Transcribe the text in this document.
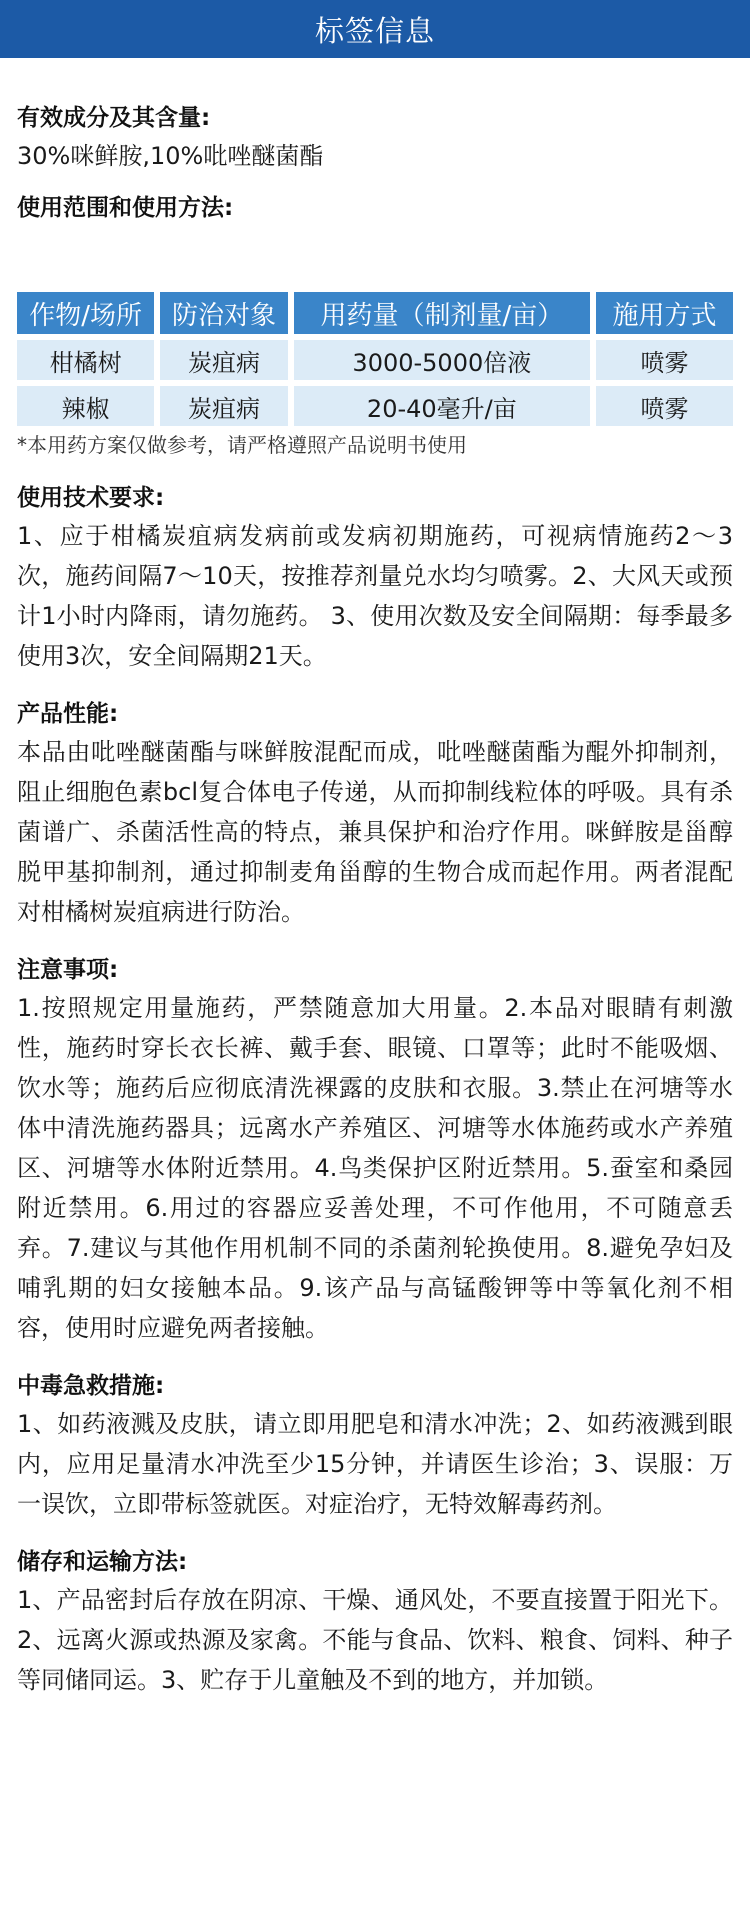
标签信息
有效成分及其含量:
30%咪鲜胺,10%吡唑醚菌酯
使用范围和使用方法:
作物/场所	防治对象	用药量（制剂量/亩）	施用方式
柑橘树	炭疽病	3000-5000倍液	喷雾
辣椒	炭疽病	20-40毫升/亩	喷雾
*本用药方案仅做参考，请严格遵照产品说明书使用
使用技术要求:
1、应于柑橘炭疽病发病前或发病初期施药，可视病情施药2～3次，施药间隔7～10天，按推荐剂量兑水均匀喷雾。2、大风天或预计1小时内降雨，请勿施药。 3、使用次数及安全间隔期：每季最多使用3次，安全间隔期21天。
产品性能:
本品由吡唑醚菌酯与咪鲜胺混配而成，吡唑醚菌酯为醌外抑制剂，阻止细胞色素bcl复合体电子传递，从而抑制线粒体的呼吸。具有杀菌谱广、杀菌活性高的特点，兼具保护和治疗作用。咪鲜胺是甾醇脱甲基抑制剂，通过抑制麦角甾醇的生物合成而起作用。两者混配对柑橘树炭疽病进行防治。
注意事项:
1.按照规定用量施药，严禁随意加大用量。2.本品对眼睛有刺激性，施药时穿长衣长裤、戴手套、眼镜、口罩等；此时不能吸烟、饮水等；施药后应彻底清洗裸露的皮肤和衣服。3.禁止在河塘等水体中清洗施药器具；远离水产养殖区、河塘等水体施药或水产养殖区、河塘等水体附近禁用。4.鸟类保护区附近禁用。5.蚕室和桑园附近禁用。6.用过的容器应妥善处理，不可作他用，不可随意丢弃。7.建议与其他作用机制不同的杀菌剂轮换使用。8.避免孕妇及哺乳期的妇女接触本品。9.该产品与高锰酸钾等中等氧化剂不相容，使用时应避免两者接触。
中毒急救措施:
1、如药液溅及皮肤，请立即用肥皂和清水冲洗；2、如药液溅到眼内，应用足量清水冲洗至少15分钟，并请医生诊治；3、误服：万一误饮，立即带标签就医。对症治疗，无特效解毒药剂。
储存和运输方法:
1、产品密封后存放在阴凉、干燥、通风处，不要直接置于阳光下。 2、远离火源或热源及家禽。不能与食品、饮料、粮食、饲料、种子等同储同运。3、贮存于儿童触及不到的地方，并加锁。
